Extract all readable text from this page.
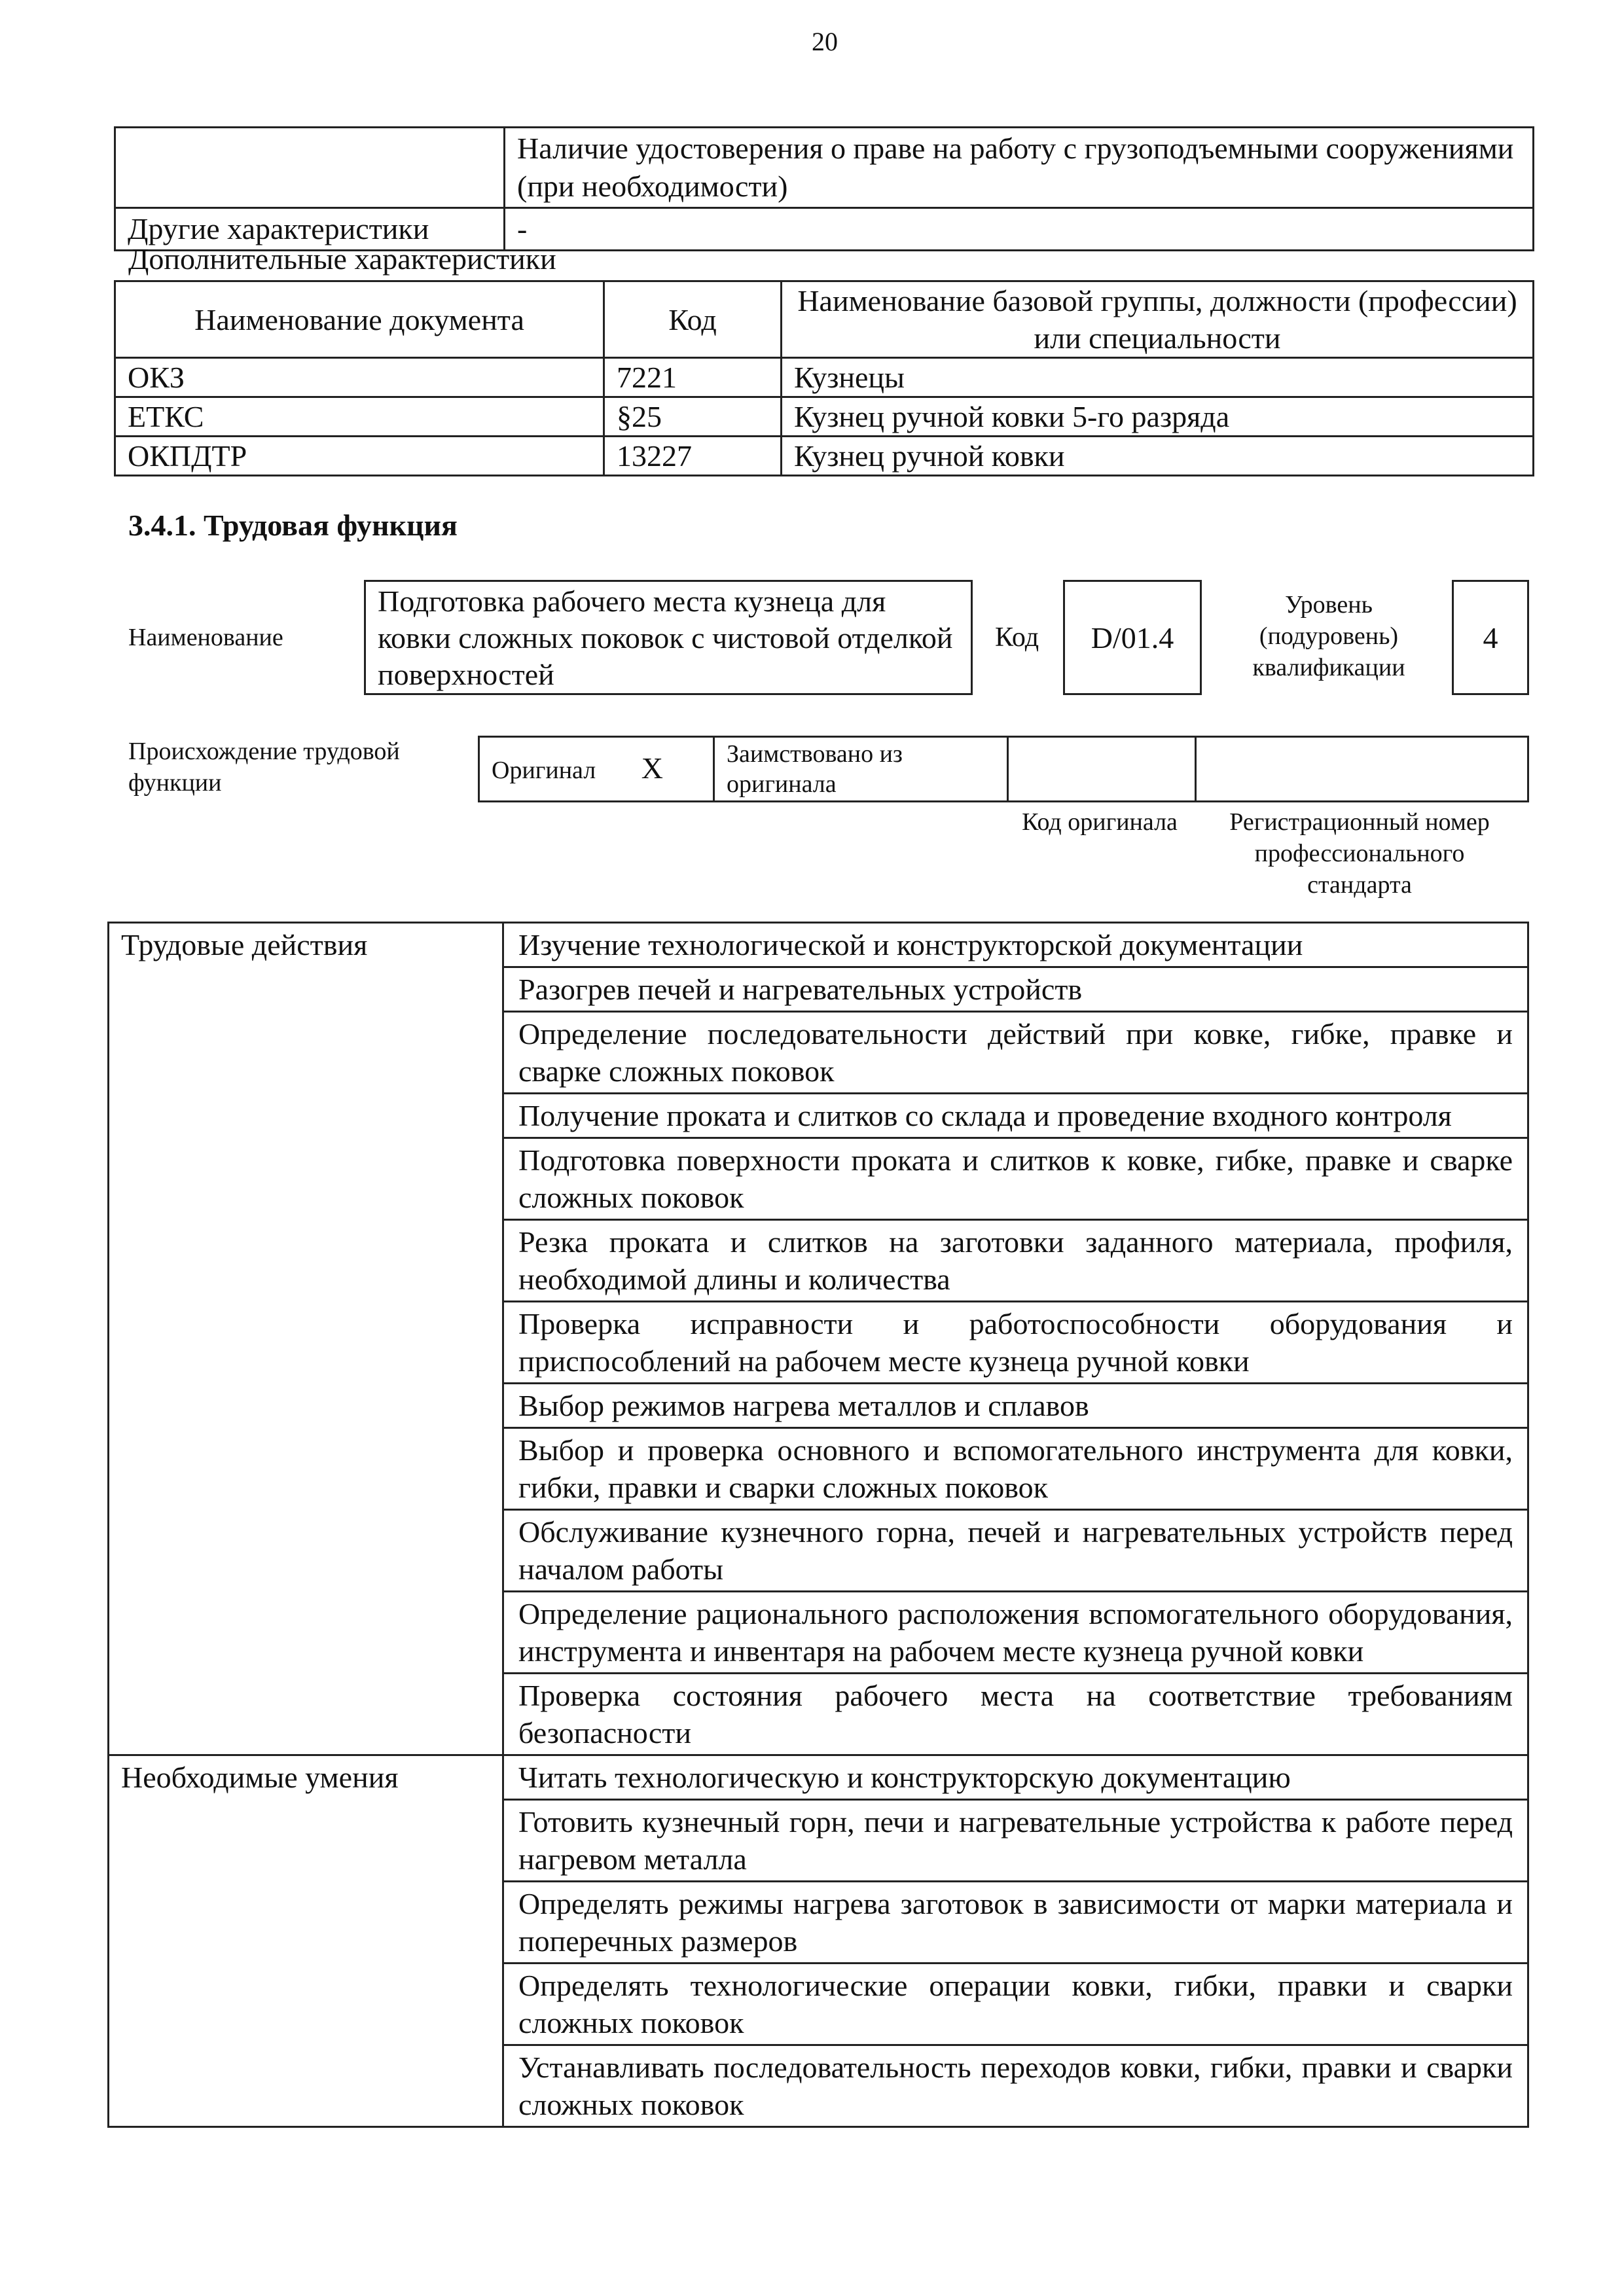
20
	Наличие удостоверения о праве на работу с грузоподъемными сооружениями (при необходимости)
Другие характеристики	-
Дополнительные характеристики
Наименование документа	Код	Наименование базовой группы, должности (профессии) или специальности
ОКЗ	7221	Кузнецы
ЕТКС	§25	Кузнец ручной ковки 5-го разряда
ОКПДТР	13227	Кузнец ручной ковки
3.4.1. Трудовая функция
Наименование
Подготовка рабочего места кузнеца для ковки сложных поковок с чистовой отделкой поверхностей
Код	D/01.4
Уровень (подуровень) квалификации
4
Происхождение трудовой функции	Оригинал X	Заимствовано из оригинала		
Код оригинала	Регистрационный номер профессионального стандарта
Трудовые действия	Изучение технологической и конструкторской документации
	Разогрев печей и нагревательных устройств
	Определение последовательности действий при ковке, гибке, правке и сварке сложных поковок
	Получение проката и слитков со склада и проведение входного контроля
	Подготовка поверхности проката и слитков к ковке, гибке, правке и сварке сложных поковок
	Резка проката и слитков на заготовки заданного материала, профиля, необходимой длины и количества
	Проверка исправности и работоспособности оборудования и приспособлений на рабочем месте кузнеца ручной ковки
	Выбор режимов нагрева металлов и сплавов
	Выбор и проверка основного и вспомогательного инструмента для ковки, гибки, правки и сварки сложных поковок
	Обслуживание кузнечного горна, печей и нагревательных устройств перед началом работы
	Определение рационального расположения вспомогательного оборудования, инструмента и инвентаря на рабочем месте кузнеца ручной ковки
	Проверка состояния рабочего места на соответствие требованиям безопасности
Необходимые умения	Читать технологическую и конструкторскую документацию
	Готовить кузнечный горн, печи и нагревательные устройства к работе перед нагревом металла
	Определять режимы нагрева заготовок в зависимости от марки материала и поперечных размеров
	Определять технологические операции ковки, гибки, правки и сварки сложных поковок
	Устанавливать последовательность переходов ковки, гибки, правки и сварки сложных поковок
